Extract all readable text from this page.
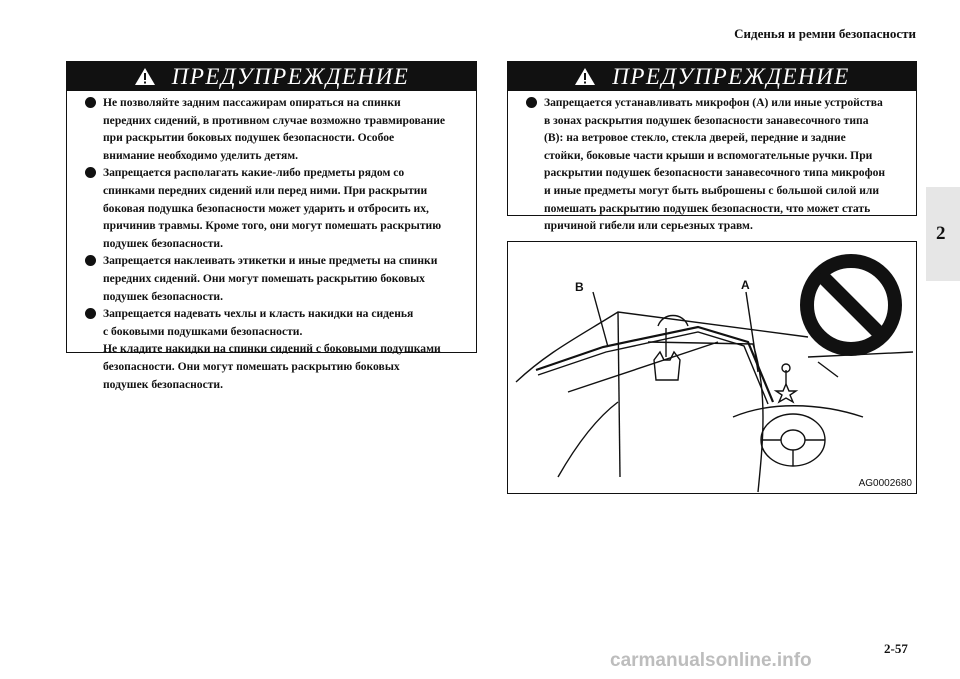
Сиденья и ремни безопасности
2
ПРЕДУПРЕЖДЕНИЕ
Не позволяйте задним пассажирам опираться на спинки
передних сидений, в противном случае возможно травмирование
при раскрытии боковых подушек безопасности. Особое
внимание необходимо уделить детям.
Запрещается располагать какие-либо предметы рядом со
спинками передних сидений или перед ними. При раскрытии
боковая подушка безопасности может ударить и отбросить их,
причинив травмы. Кроме того, они могут помешать раскрытию
подушек безопасности.
Запрещается наклеивать этикетки и иные предметы на спинки
передних сидений. Они могут помешать раскрытию боковых
подушек безопасности.
Запрещается надевать чехлы и класть накидки на сиденья
с боковыми подушками безопасности.
Не кладите накидки на спинки сидений с боковыми подушками
безопасности. Они могут помешать раскрытию боковых
подушек безопасности.
ПРЕДУПРЕЖДЕНИЕ
Запрещается устанавливать микрофон (A) или иные устройства
в зонах раскрытия подушек безопасности занавесочного типа
(B): на ветровое стекло, стекла дверей, передние и задние
стойки, боковые части крыши и вспомогательные ручки. При
раскрытии подушек безопасности занавесочного типа микрофон
и иные предметы могут быть выброшены с большой силой или
помешать раскрытию подушек безопасности, что может стать
причиной гибели или серьезных травм.
B	A
AG0002680
2-57
carmanualsonline.info
